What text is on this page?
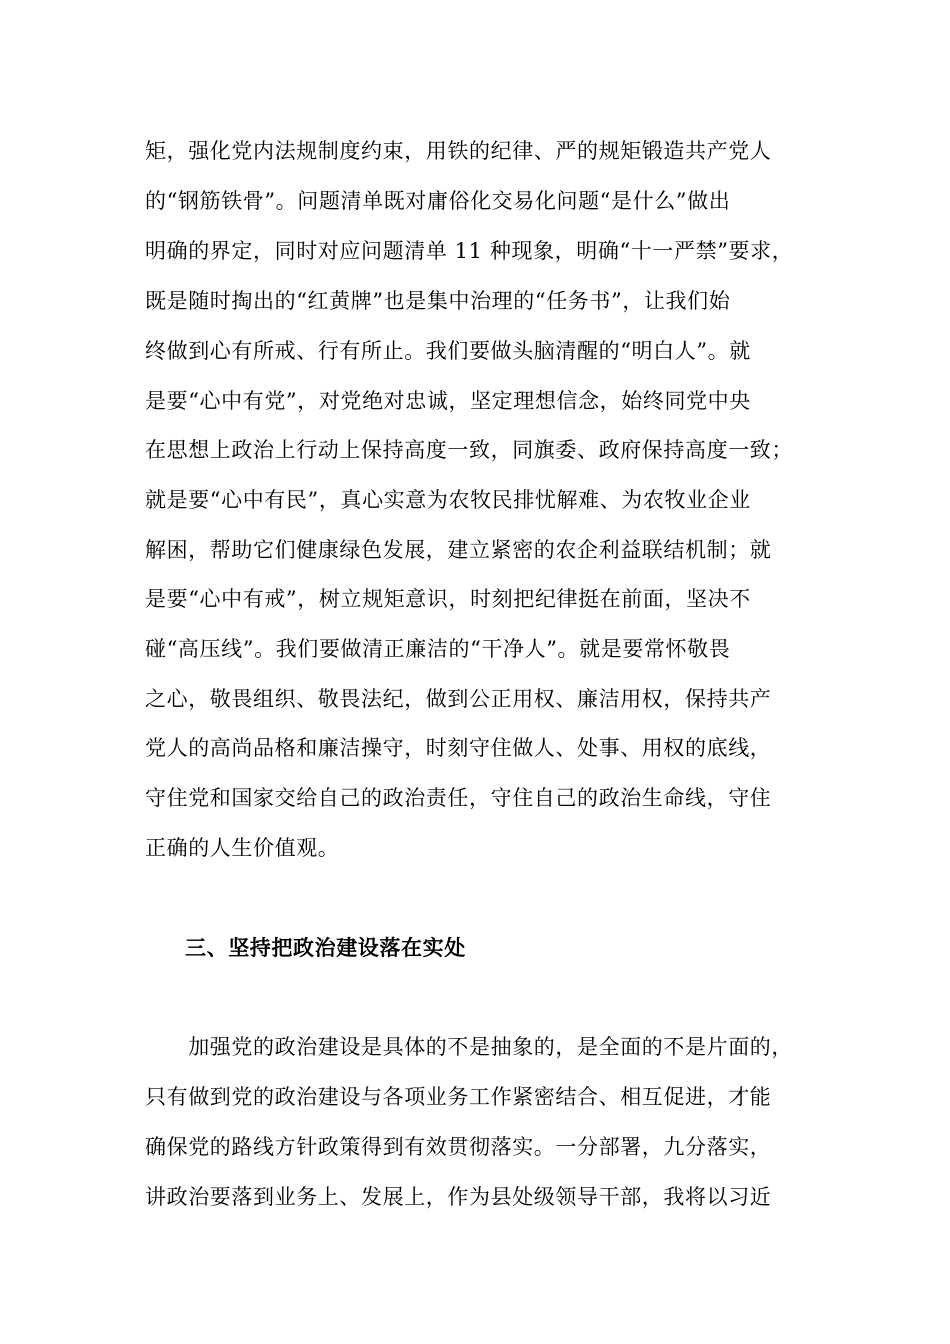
矩，强化党内法规制度约束，用铁的纪律、严的规矩锻造共产党人
的“钢筋铁骨”。问题清单既对庸俗化交易化问题“是什么”做出
明确的界定，同时对应问题清单 11 种现象，明确“十一严禁”要求，
既是随时掏出的“红黄牌”也是集中治理的“任务书”，让我们始
终做到心有所戒、行有所止。我们要做头脑清醒的“明白人”。就
是要“心中有党”，对党绝对忠诚，坚定理想信念，始终同党中央
在思想上政治上行动上保持高度一致，同旗委、政府保持高度一致；
就是要“心中有民”，真心实意为农牧民排忧解难、为农牧业企业
解困，帮助它们健康绿色发展，建立紧密的农企利益联结机制；就
是要“心中有戒”，树立规矩意识，时刻把纪律挺在前面，坚决不
碰“高压线”。我们要做清正廉洁的“干净人”。就是要常怀敬畏
之心，敬畏组织、敬畏法纪，做到公正用权、廉洁用权，保持共产
党人的高尚品格和廉洁操守，时刻守住做人、处事、用权的底线，
守住党和国家交给自己的政治责任，守住自己的政治生命线，守住
正确的人生价值观。
三、坚持把政治建设落在实处
　　加强党的政治建设是具体的不是抽象的，是全面的不是片面的，
只有做到党的政治建设与各项业务工作紧密结合、相互促进，才能
确保党的路线方针政策得到有效贯彻落实。一分部署，九分落实，
讲政治要落到业务上、发展上，作为县处级领导干部，我将以习近
